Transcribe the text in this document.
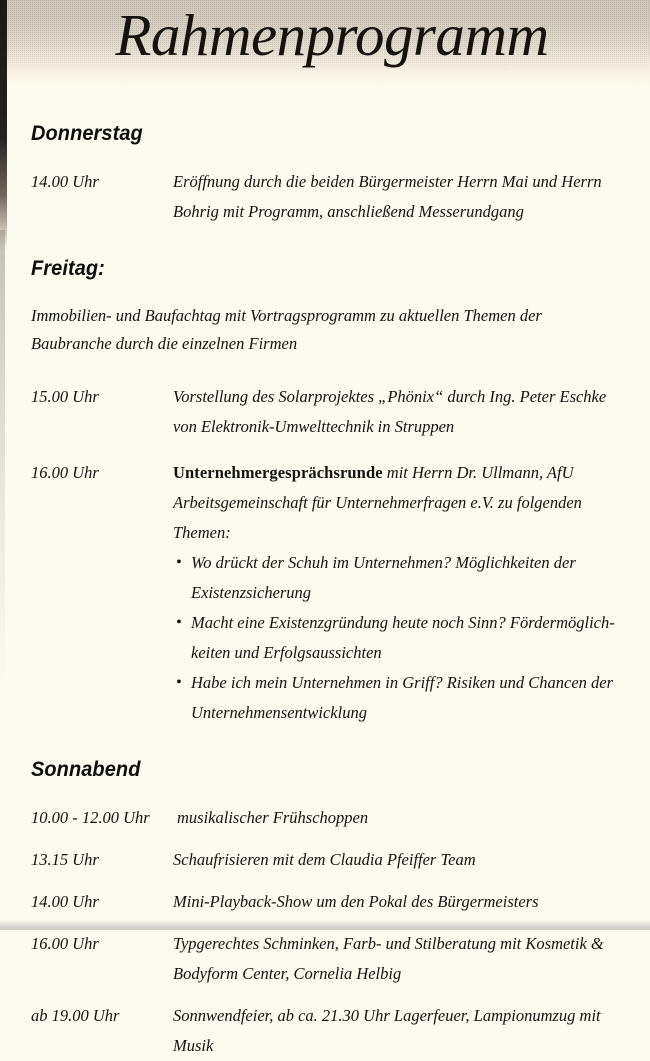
Rahmenprogramm
Donnerstag
14.00 Uhr	Eröffnung durch die beiden Bürgermeister Herrn Mai und Herrn Bohrig mit Programm, anschließend Messerundgang
Freitag:
Immobilien- und Baufachtag mit Vortragsprogramm zu aktuellen Themen der Baubranche durch die einzelnen Firmen
15.00 Uhr	Vorstellung des Solarprojektes „Phönix“ durch Ing. Peter Eschke von Elektronik-Umwelttechnik in Struppen
16.00 Uhr	Unternehmergesprächsrunde mit Herrn Dr. Ullmann, AfU Arbeitsgemeinschaft für Unternehmerfragen e.V. zu folgenden Themen:
• Wo drückt der Schuh im Unternehmen? Möglichkeiten der Existenzsicherung
• Macht eine Existenzgründung heute noch Sinn? Fördermöglichkeiten und Erfolgsaussichten
• Habe ich mein Unternehmen in Griff? Risiken und Chancen der Unternehmensentwicklung
Sonnabend
10.00 - 12.00 Uhr	musikalischer Frühschoppen
13.15 Uhr	Schaufrisieren mit dem Claudia Pfeiffer Team
14.00 Uhr	Mini-Playback-Show um den Pokal des Bürgermeisters
16.00 Uhr	Typgerechtes Schminken, Farb- und Stilberatung mit Kosmetik & Bodyform Center, Cornelia Helbig
ab 19.00 Uhr	Sonnwendfeier, ab ca. 21.30 Uhr Lagerfeuer, Lampionumzug mit Musik
